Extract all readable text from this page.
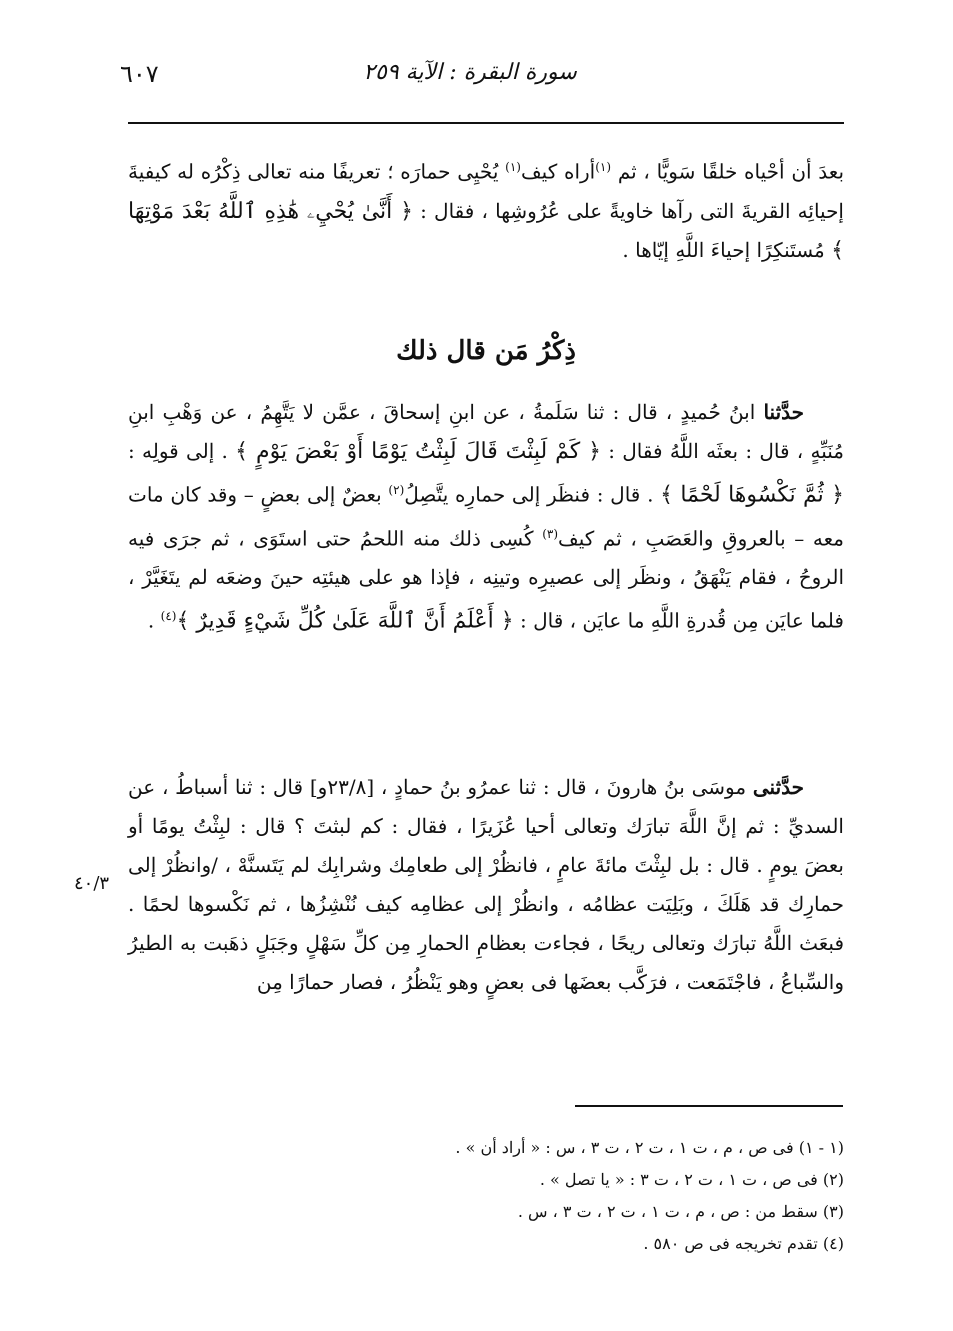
٦٠٧	سورة البقرة : الآية ٢٥٩

بعدَ أن أحْياه خلقًا سَويًّا ، ثم $^{(١)}$أراه كيف$^{(١)}$ يُحْيِى حمارَه ؛ تعريفًا منه تعالى ذِكْرُه له كيفيةَ إحيائِه القريةَ التى رآها خاويةً على عُرُوشِها ، فقال : ﴿ أَنَّىٰ يُحْيِۦ هَٰذِهِ ٱللَّهُ بَعْدَ مَوْتِهَا ﴾ مُستَنكِرًا إحياءَ اللَّهِ إيّاها .

ذِكْرُ مَن قال ذلك

حدَّثنا ابنُ حُميدٍ ، قال : ثنا سَلَمةُ ، عن ابنِ إسحاقَ ، عمَّن لا يَتَّهِمُ ، عن وَهْبِ ابنِ مُنَبِّهٍ ، قال : بعثَه اللَّهُ فقال : ﴿ كَمْ لَبِثْتَ قَالَ لَبِثْتُ يَوْمًا أَوْ بَعْضَ يَوْمٍ ﴾ . إلى قولِه : ﴿ ثُمَّ نَكْسُوهَا لَحْمًا ﴾ . قال : فنظَر إلى حمارِه يتَّصِلُ$^{(٢)}$ بعضٌ إلى بعضٍ – وقد كان مات معه – بالعروقِ والعَصَبِ ، ثم كيف$^{(٣)}$ كُسِى ذلك منه اللحمُ حتى استَوَى ، ثم جرَى فيه الروحُ ، فقام يَنْهَقُ ، ونظَر إلى عصيرِه وتينِه ، فإذا هو على هيئتِه حينَ وضعَه لم يتَغَيَّرْ ، فلما عايَن مِن قُدرةِ اللَّهِ ما عايَن ، قال : ﴿ أَعْلَمُ أَنَّ ٱللَّهَ عَلَىٰ كُلِّ شَيْءٍ قَدِيرٌ ﴾$^{(٤)}$ .

حدَّثنى موسَى بنُ هارونَ ، قال : ثنا عمرُو بنُ حمادٍ ، [٢٣/٨و] قال : ثنا أسباطُ ، عن السديِّ : ثم إنَّ اللَّهَ تبارَك وتعالى أحيا عُزَيرًا ، فقال : كم لبثتَ ؟ قال : لبِثْتُ يومًا أو بعضَ يومٍ . قال : بل لبِثْتَ مائةَ عامٍ ، فانظُرْ إلى طعامِك وشرابِك لم يَتَسنَّهْ ، /وانظُرْ إلى حمارِك قد هَلَكَ ، وبَلِيَت عظامُه ، وانظُرْ إلى عظامِه كيف نُنْشِزُها ، ثم نَكْسوها لحمًا . فبعَث اللَّهُ تبارَك وتعالى ريحًا ، فجاءت بعظامِ الحمارِ مِن كلِّ سَهْلٍ وجَبَلٍ ذهَبت به الطيرُ والسِّباعُ ، فاجْتَمَعت ، فرَكَّب بعضَها فى بعضٍ وهو يَنْظُرُ ، فصار حمارًا مِن

٤٠/٣

(١ - ١) فى ص ، م ، ت ١ ، ت ٢ ، ت ٣ ، س : « أراد أن » .

(٢) فى ص ، ت ١ ، ت ٢ ، ت ٣ : « يا تصل » .

(٣) سقط من : ص ، م ، ت ١ ، ت ٢ ، ت ٣ ، س .

(٤) تقدم تخريجه فى ص ٥٨٠ .
